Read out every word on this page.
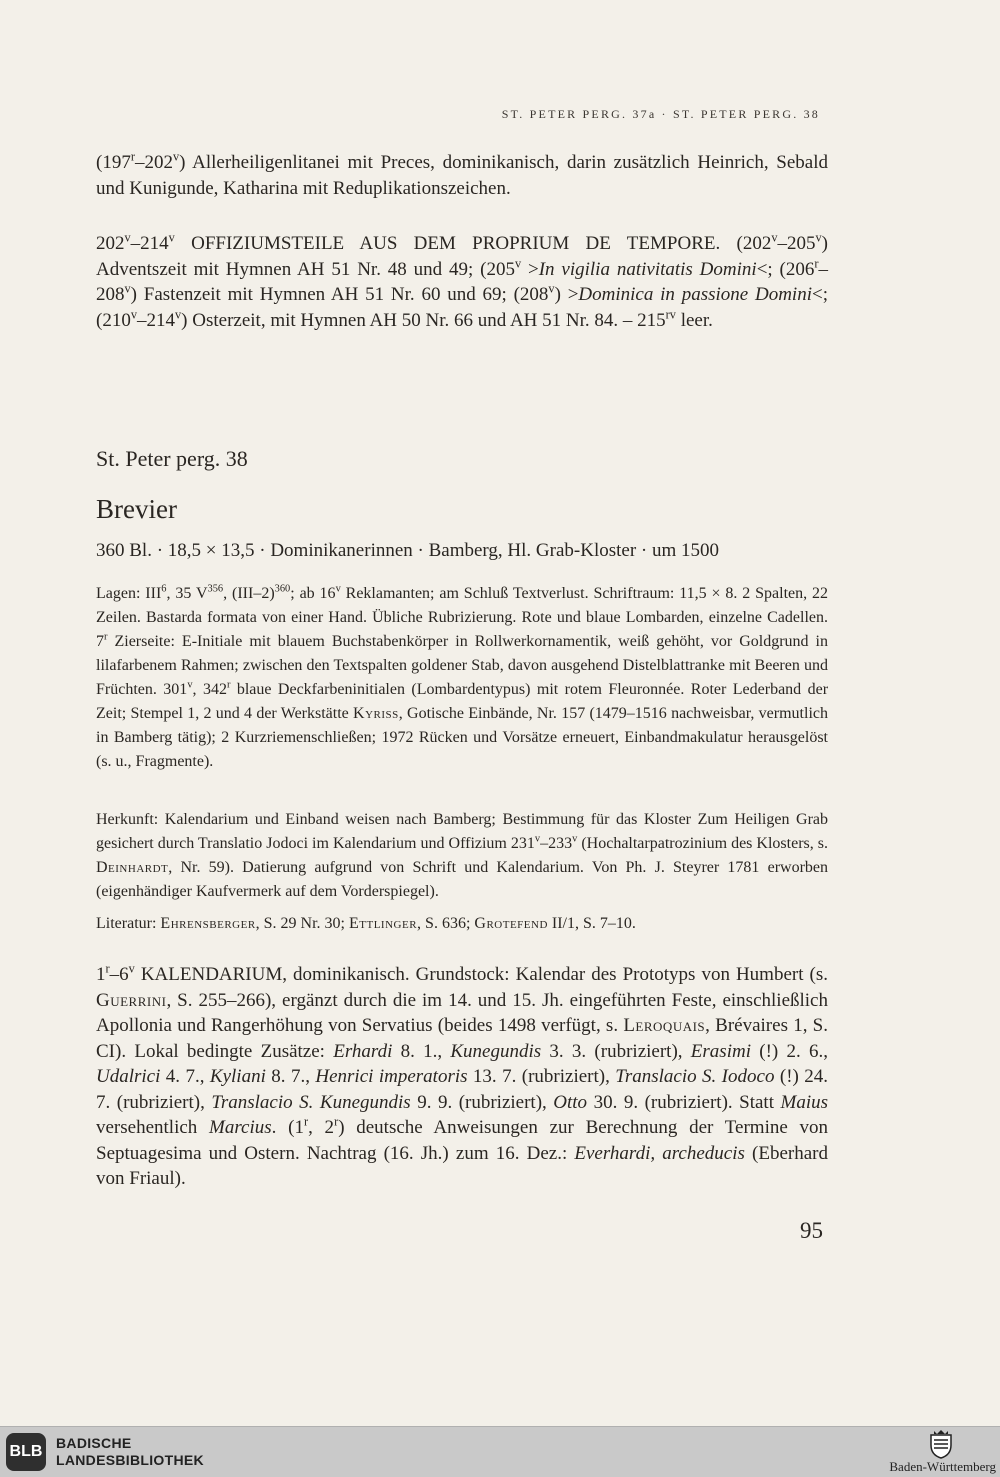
ST. PETER PERG. 37a · ST. PETER PERG. 38
(197$^r$–202$^v$) Allerheiligenlitanei mit Preces, dominikanisch, darin zusätzlich Heinrich, Sebald und Kunigunde, Katharina mit Reduplikationszeichen.
202$^v$–214$^v$ OFFIZIUMSTEILE AUS DEM PROPRIUM DE TEMPORE. (202$^v$–205$^v$) Adventszeit mit Hymnen AH 51 Nr. 48 und 49; ($205^v >In$ vigilia nativitatis Domini<; (206$^r$–208$^v$) Fastenzeit mit Hymnen AH 51 Nr. 60 und 69; $(208^v)$ >Dominica in passione Domini<; (210$^v$–214$^v$) Osterzeit, mit Hymnen AH 50 Nr. 66 und AH 51 Nr. 84. – $215^{rv}$ leer.
St. Peter perg. 38
Brevier
360 Bl. · 18,5 × 13,5 · Dominikanerinnen · Bamberg, Hl. Grab-Kloster · um 1500
Lagen: III$^6$, 35 $V^{356}$, $(III-2)^{360}$; ab 16$^v$ Reklamanten; am Schluß Textverlust. Schriftraum: 11,5 × 8. 2 Spalten, 22 Zeilen. Bastarda formata von einer Hand. Übliche Rubrizierung. Rote und blaue Lombarden, einzelne Cadellen. 7$^r$ Zierseite: E-Initiale mit blauem Buchstabenkörper in Rollwerkornamentik, weiß gehöht, vor Goldgrund in lilafarbenem Rahmen; zwischen den Textspalten goldener Stab, davon ausgehend Distelblattranke mit Beeren und Früchten. 301$^v$, 342$^r$ blaue Deckfarbeninitialen (Lombardentypus) mit rotem Fleuronnée. Roter Lederband der Zeit; Stempel 1, 2 und 4 der Werkstätte Kyriss, Gotische Einbände, Nr. 157 (1479–1516 nachweisbar, vermutlich in Bamberg tätig); 2 Kurzriemenschließen; 1972 Rücken und Vorsätze erneuert, Einbandmakulatur herausgelöst (s. u., Fragmente).
Herkunft: Kalendarium und Einband weisen nach Bamberg; Bestimmung für das Kloster Zum Heiligen Grab gesichert durch Translatio Jodoci im Kalendarium und Offizium 231$^v$–233$^v$ (Hochaltarpatrozinium des Klosters, s. Deinhardt, Nr. 59). Datierung aufgrund von Schrift und Kalendarium. Von Ph. J. Steyrer 1781 erworben (eigenhändiger Kaufvermerk auf dem Vorderspiegel).
Literatur: Ehrensberger, S. 29 Nr. 30; Ettlinger, S. 636; Grotefend II/1, S. 7–10.
1$^r$–6$^v$ KALENDARIUM, dominikanisch. Grundstock: Kalendar des Prototyps von Humbert (s. Guerrini, S. 255–266), ergänzt durch die im 14. und 15. Jh. eingeführten Feste, einschließlich Apollonia und Rangerhöhung von Servatius (beides 1498 verfügt, s. Leroquais, Brévaires 1, S. CI). Lokal bedingte Zusätze: Erhardi 8. 1., Kunegundis 3. 3. (rubriziert), Erasimi (!) 2. 6., Udalrici 4. 7., Kyliani 8. 7., Henrici imperatoris 13. 7. (rubriziert), Translacio S. Iodoco (!) 24. 7. (rubriziert), Translacio S. Kunegundis 9. 9. (rubriziert), Otto 30. 9. (rubriziert). Statt Maius versehentlich Marcius. (1$^r$, 2$^r$) deutsche Anweisungen zur Berechnung der Termine von Septuagesima und Ostern. Nachtrag (16. Jh.) zum 16. Dez.: Everhardi, archeducis (Eberhard von Friaul).
95
BLB BADISCHE
LANDESBIBLIOTHEK	Baden-Württemberg
